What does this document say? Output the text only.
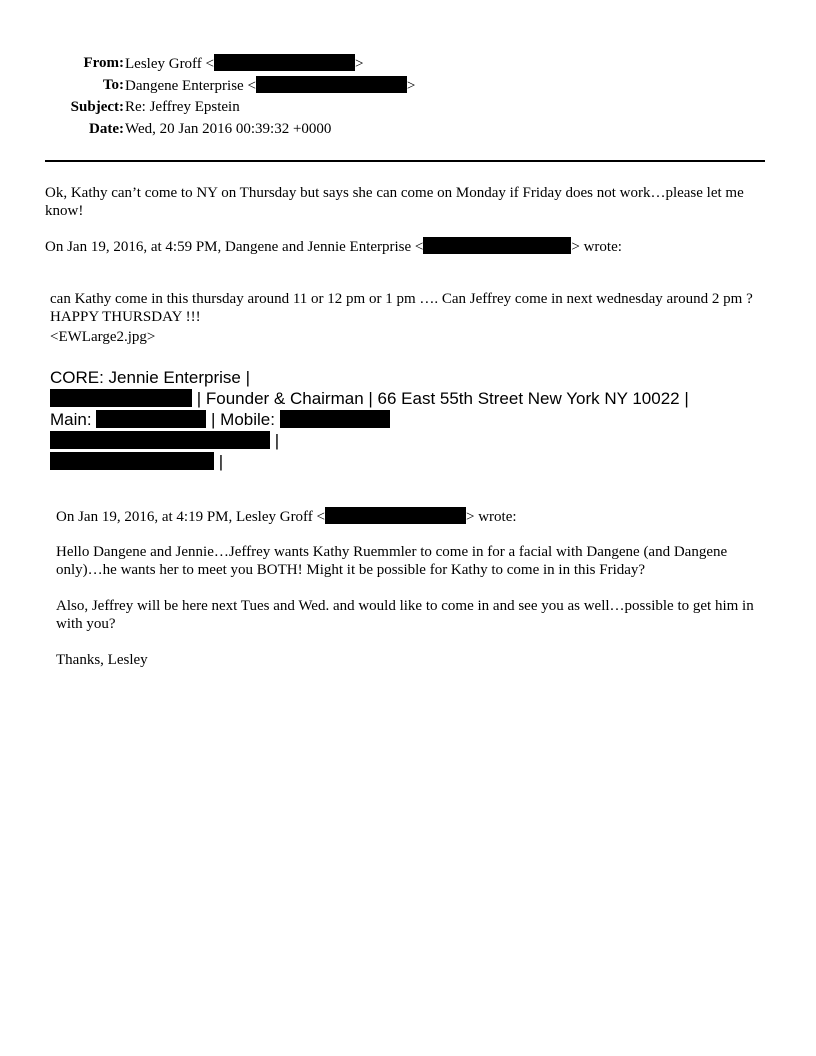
From: Lesley Groff <	>
To: Dangene Enterprise <	>
Subject: Re: Jeffrey Epstein
Date: Wed, 20 Jan 2016 00:39:32 +0000
Ok, Kathy can’t come to NY on Thursday but says she can come on Monday if Friday does not work…please let me know!
On Jan 19, 2016, at 4:59 PM, Dangene and Jennie Enterprise <	> wrote:
can Kathy come in this thursday around 11 or 12 pm or 1 pm …. Can Jeffrey come in next wednesday around 2 pm ? HAPPY THURSDAY !!!
<EWLarge2.jpg>
CORE: Jennie Enterprise |
| Founder & Chairman | 66 East 55th Street New York NY 10022 |
Main:	| Mobile:
|
|
On Jan 19, 2016, at 4:19 PM, Lesley Groff <	> wrote:
Hello Dangene and Jennie…Jeffrey wants Kathy Ruemmler to come in for a facial with Dangene (and Dangene only)…he wants her to meet you BOTH! Might it be possible for Kathy to come in in this Friday?
Also, Jeffrey will be here next Tues and Wed. and would like to come in and see you as well…possible to get him in with you?
Thanks, Lesley
